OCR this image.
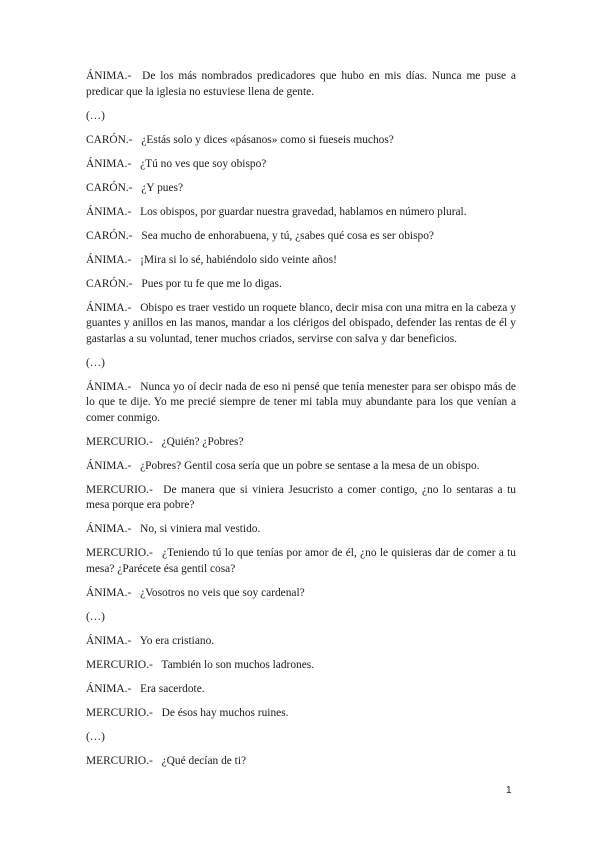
ÁNIMA.- De los más nombrados predicadores que hubo en mis días. Nunca me puse a predicar que la iglesia no estuviese llena de gente.

(…)

CARÓN.- ¿Estás solo y dices «pásanos» como si fueseis muchos?

ÁNIMA.- ¿Tú no ves que soy obispo?

CARÓN.- ¿Y pues?

ÁNIMA.- Los obispos, por guardar nuestra gravedad, hablamos en número plural.

CARÓN.- Sea mucho de enhorabuena, y tú, ¿sabes qué cosa es ser obispo?

ÁNIMA.- ¡Mira si lo sé, habiéndolo sido veinte años!

CARÓN.- Pues por tu fe que me lo digas.

ÁNIMA.- Obispo es traer vestido un roquete blanco, decir misa con una mitra en la cabeza y guantes y anillos en las manos, mandar a los clérigos del obispado, defender las rentas de él y gastarlas a su voluntad, tener muchos criados, servirse con salva y dar beneficios.

(…)

ÁNIMA.- Nunca yo oí decir nada de eso ni pensé que tenía menester para ser obispo más de lo que te dije. Yo me precié siempre de tener mi tabla muy abundante para los que venían a comer conmigo.

MERCURIO.- ¿Quién? ¿Pobres?

ÁNIMA.- ¿Pobres? Gentil cosa sería que un pobre se sentase a la mesa de un obispo.

MERCURIO.- De manera que si viniera Jesucristo a comer contigo, ¿no lo sentaras a tu mesa porque era pobre?

ÁNIMA.- No, si viniera mal vestido.

MERCURIO.- ¿Teniendo tú lo que tenías por amor de él, ¿no le quisieras dar de comer a tu mesa? ¿Parécete ésa gentil cosa?

ÁNIMA.- ¿Vosotros no veis que soy cardenal?

(…)

ÁNIMA.- Yo era cristiano.

MERCURIO.- También lo son muchos ladrones.

ÁNIMA.- Era sacerdote.

MERCURIO.- De ésos hay muchos ruines.

(…)

MERCURIO.- ¿Qué decían de ti?

1
